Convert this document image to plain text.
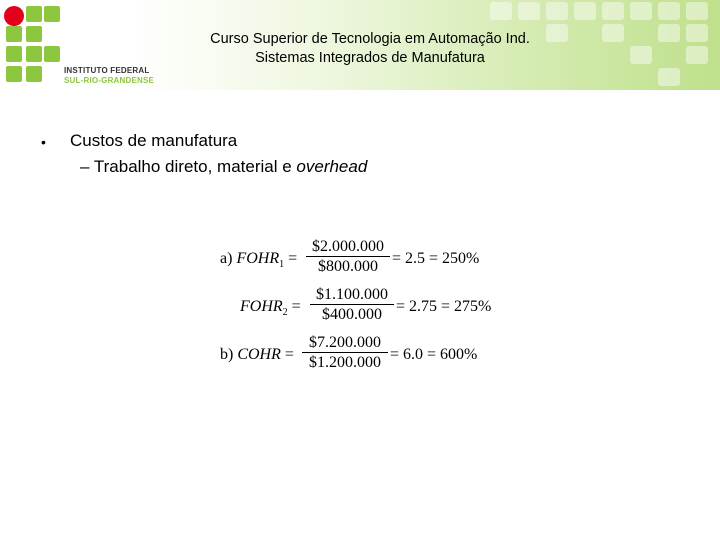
INSTITUTO FEDERAL
SUL-RIO-GRANDENSE
Curso Superior de Tecnologia em Automação Ind.
Sistemas Integrados de Manufatura
• Custos de manufatura
– Trabalho direto, material e overhead
a) $FOHR_1 = \frac{\$2.000.000}{\$800.000} = 2.5 = 250\%$
$FOHR_2 = \frac{\$1.100.000}{\$400.000} = 2.75 = 275\%$
b) COHR = $\frac{\$7.200.000}{\$1.200.000} = 6.0 = 600\%$
